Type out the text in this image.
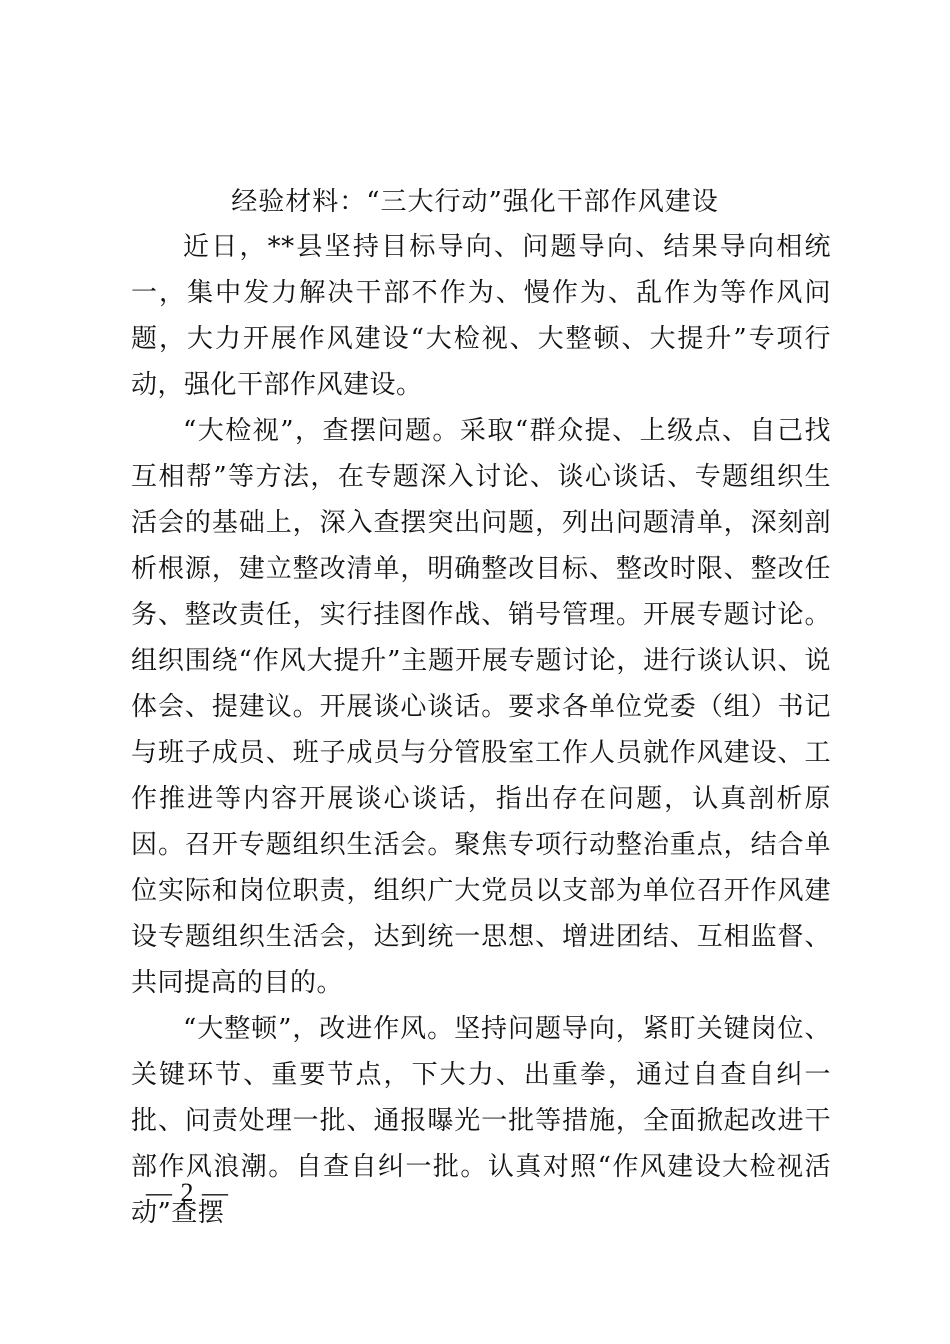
经验材料：“三大行动”强化干部作风建设

近日，**县坚持目标导向、问题导向、结果导向相统一，集中发力解决干部不作为、慢作为、乱作为等作风问题，大力开展作风建设“大检视、大整顿、大提升”专项行动，强化干部作风建设。

“大检视”，查摆问题。采取“群众提、上级点、自己找互相帮”等方法，在专题深入讨论、谈心谈话、专题组织生活会的基础上，深入查摆突出问题，列出问题清单，深刻剖析根源，建立整改清单，明确整改目标、整改时限、整改任务、整改责任，实行挂图作战、销号管理。开展专题讨论。组织围绕“作风大提升”主题开展专题讨论，进行谈认识、说体会、提建议。开展谈心谈话。要求各单位党委（组）书记与班子成员、班子成员与分管股室工作人员就作风建设、工作推进等内容开展谈心谈话，指出存在问题，认真剖析原因。召开专题组织生活会。聚焦专项行动整治重点，结合单位实际和岗位职责，组织广大党员以支部为单位召开作风建设专题组织生活会，达到统一思想、增进团结、互相监督、共同提高的目的。

“大整顿”，改进作风。坚持问题导向，紧盯关键岗位、关键环节、重要节点，下大力、出重拳，通过自查自纠一批、问责处理一批、通报曝光一批等措施，全面掀起改进干部作风浪潮。自查自纠一批。认真对照“作风建设大检视活动”查摆

— 2 —
